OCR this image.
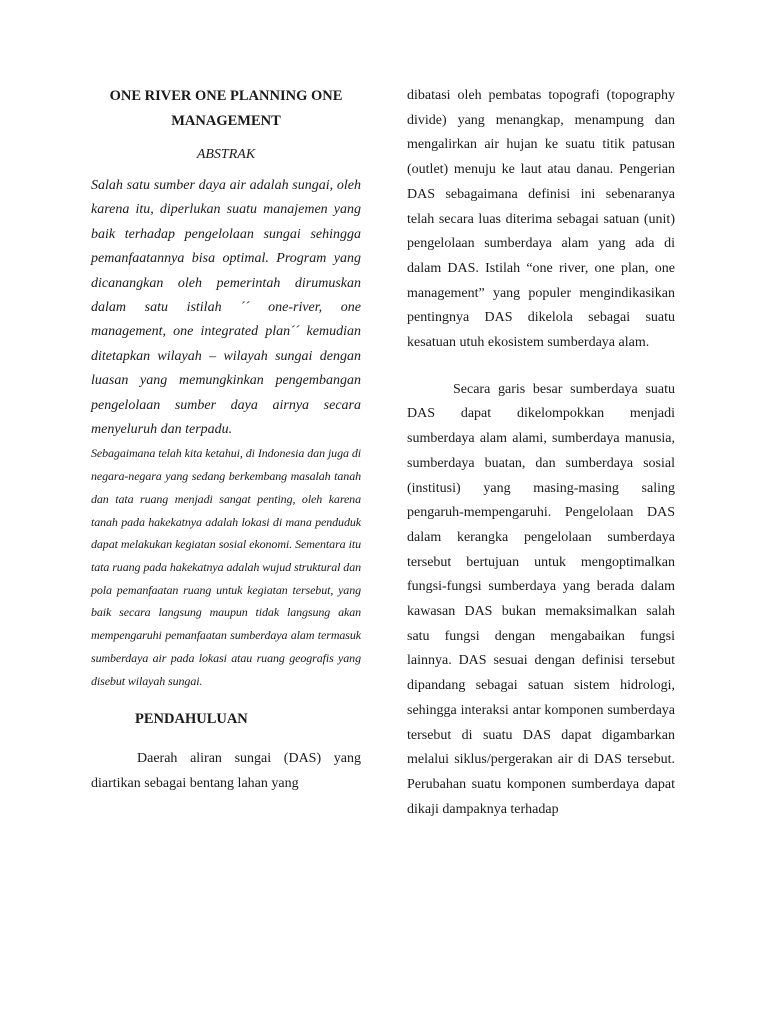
ONE RIVER ONE PLANNING ONE MANAGEMENT
ABSTRAK

Salah satu sumber daya air adalah sungai, oleh karena itu, diperlukan suatu manajemen yang baik terhadap pengelolaan sungai sehingga pemanfaatannya bisa optimal. Program yang dicanangkan oleh pemerintah dirumuskan dalam satu istilah ´´ one-river, one management, one integrated plan´´ kemudian ditetapkan wilayah – wilayah sungai dengan luasan yang memungkinkan pengembangan pengelolaan sumber daya airnya secara menyeluruh dan terpadu.

Sebagaimana telah kita ketahui, di Indonesia dan juga di negara-negara yang sedang berkembang masalah tanah dan tata ruang menjadi sangat penting, oleh karena tanah pada hakekatnya adalah lokasi di mana penduduk dapat melakukan kegiatan sosial ekonomi. Sementara itu tata ruang pada hakekatnya adalah wujud struktural dan pola pemanfaatan ruang untuk kegiatan tersebut, yang baik secara langsung maupun tidak langsung akan mempengaruhi pemanfaatan sumberdaya alam termasuk sumberdaya air pada lokasi atau ruang geografis yang disebut wilayah sungai.

PENDAHULUAN

Daerah aliran sungai (DAS) yang diartikan sebagai bentang lahan yang

dibatasi oleh pembatas topografi (topography divide) yang menangkap, menampung dan mengalirkan air hujan ke suatu titik patusan (outlet) menuju ke laut atau danau. Pengerian DAS sebagaimana definisi ini sebenaranya telah secara luas diterima sebagai satuan (unit) pengelolaan sumberdaya alam yang ada di dalam DAS. Istilah “one river, one plan, one management” yang populer mengindikasikan pentingnya DAS dikelola sebagai suatu kesatuan utuh ekosistem sumberdaya alam.

Secara garis besar sumberdaya suatu DAS dapat dikelompokkan menjadi sumberdaya alam alami, sumberdaya manusia, sumberdaya buatan, dan sumberdaya sosial (institusi) yang masing-masing saling pengaruh-mempengaruhi. Pengelolaan DAS dalam kerangka pengelolaan sumberdaya tersebut bertujuan untuk mengoptimalkan fungsi-fungsi sumberdaya yang berada dalam kawasan DAS bukan memaksimalkan salah satu fungsi dengan mengabaikan fungsi lainnya. DAS sesuai dengan definisi tersebut dipandang sebagai satuan sistem hidrologi, sehingga interaksi antar komponen sumberdaya tersebut di suatu DAS dapat digambarkan melalui siklus/pergerakan air di DAS tersebut. Perubahan suatu komponen sumberdaya dapat dikaji dampaknya terhadap
